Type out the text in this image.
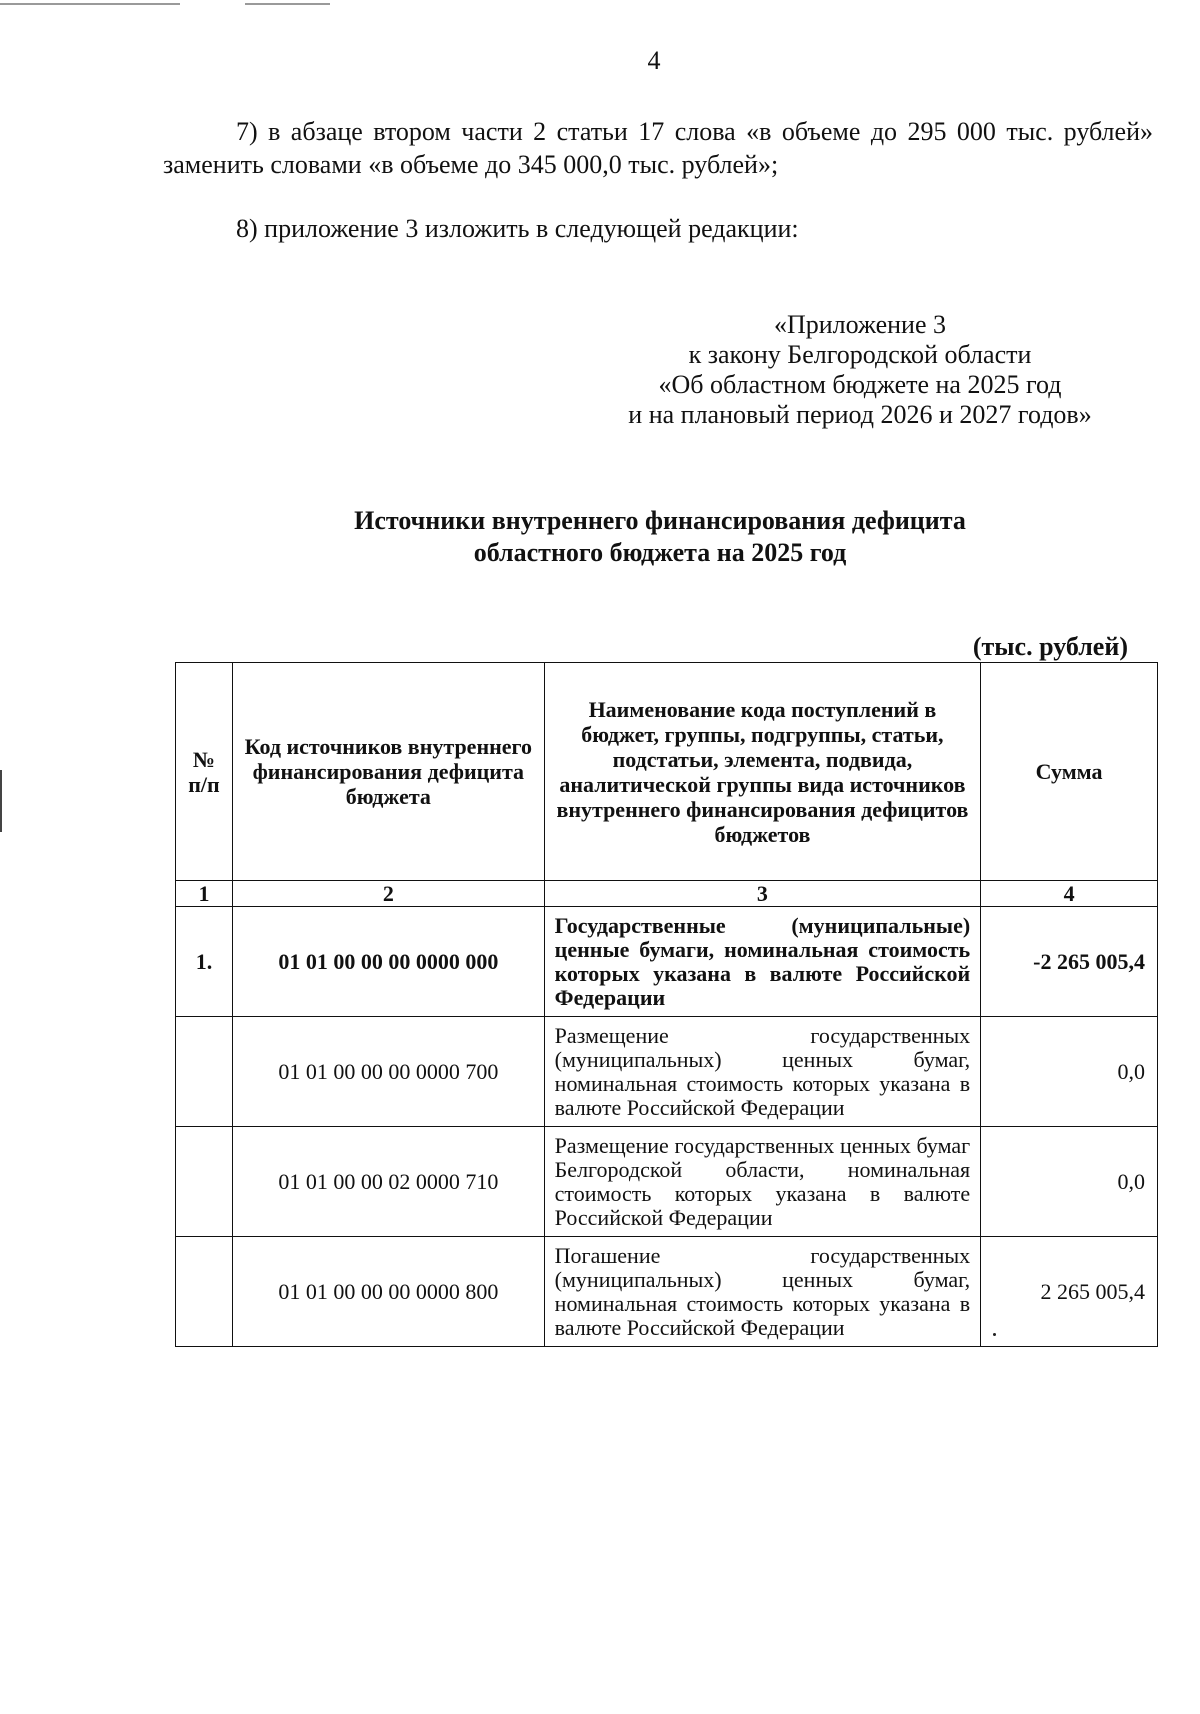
4

7) в абзаце втором части 2 статьи 17 слова «в объеме до 295 000 тыс. рублей» заменить словами «в объеме до 345 000,0 тыс. рублей»;

8) приложение 3 изложить в следующей редакции:

«Приложение 3
к закону Белгородской области
«Об областном бюджете на 2025 год
и на плановый период 2026 и 2027 годов»
Источники внутреннего финансирования дефицита
областного бюджета на 2025 год
(тыс. рублей)
№ п/п	Код источников внутреннего финансирования дефицита бюджета	Наименование кода поступлений в бюджет, группы, подгруппы, статьи, подстатьи, элемента, подвида, аналитической группы вида источников внутреннего финансирования дефицитов бюджетов	Сумма
1	2	3	4
1.	01 01 00 00 00 0000 000	Государственные (муниципальные) ценные бумаги, номинальная стоимость которых указана в валюте Российской Федерации	-2 265 005,4
	01 01 00 00 00 0000 700	Размещение государственных (муниципальных) ценных бумаг, номинальная стоимость которых указана в валюте Российской Федерации	0,0
	01 01 00 00 02 0000 710	Размещение государственных ценных бумаг Белгородской области, номинальная стоимость которых указана в валюте Российской Федерации	0,0
	01 01 00 00 00 0000 800	Погашение государственных (муниципальных) ценных бумаг, номинальная стоимость которых указана в валюте Российской Федерации	2 265 005,4
